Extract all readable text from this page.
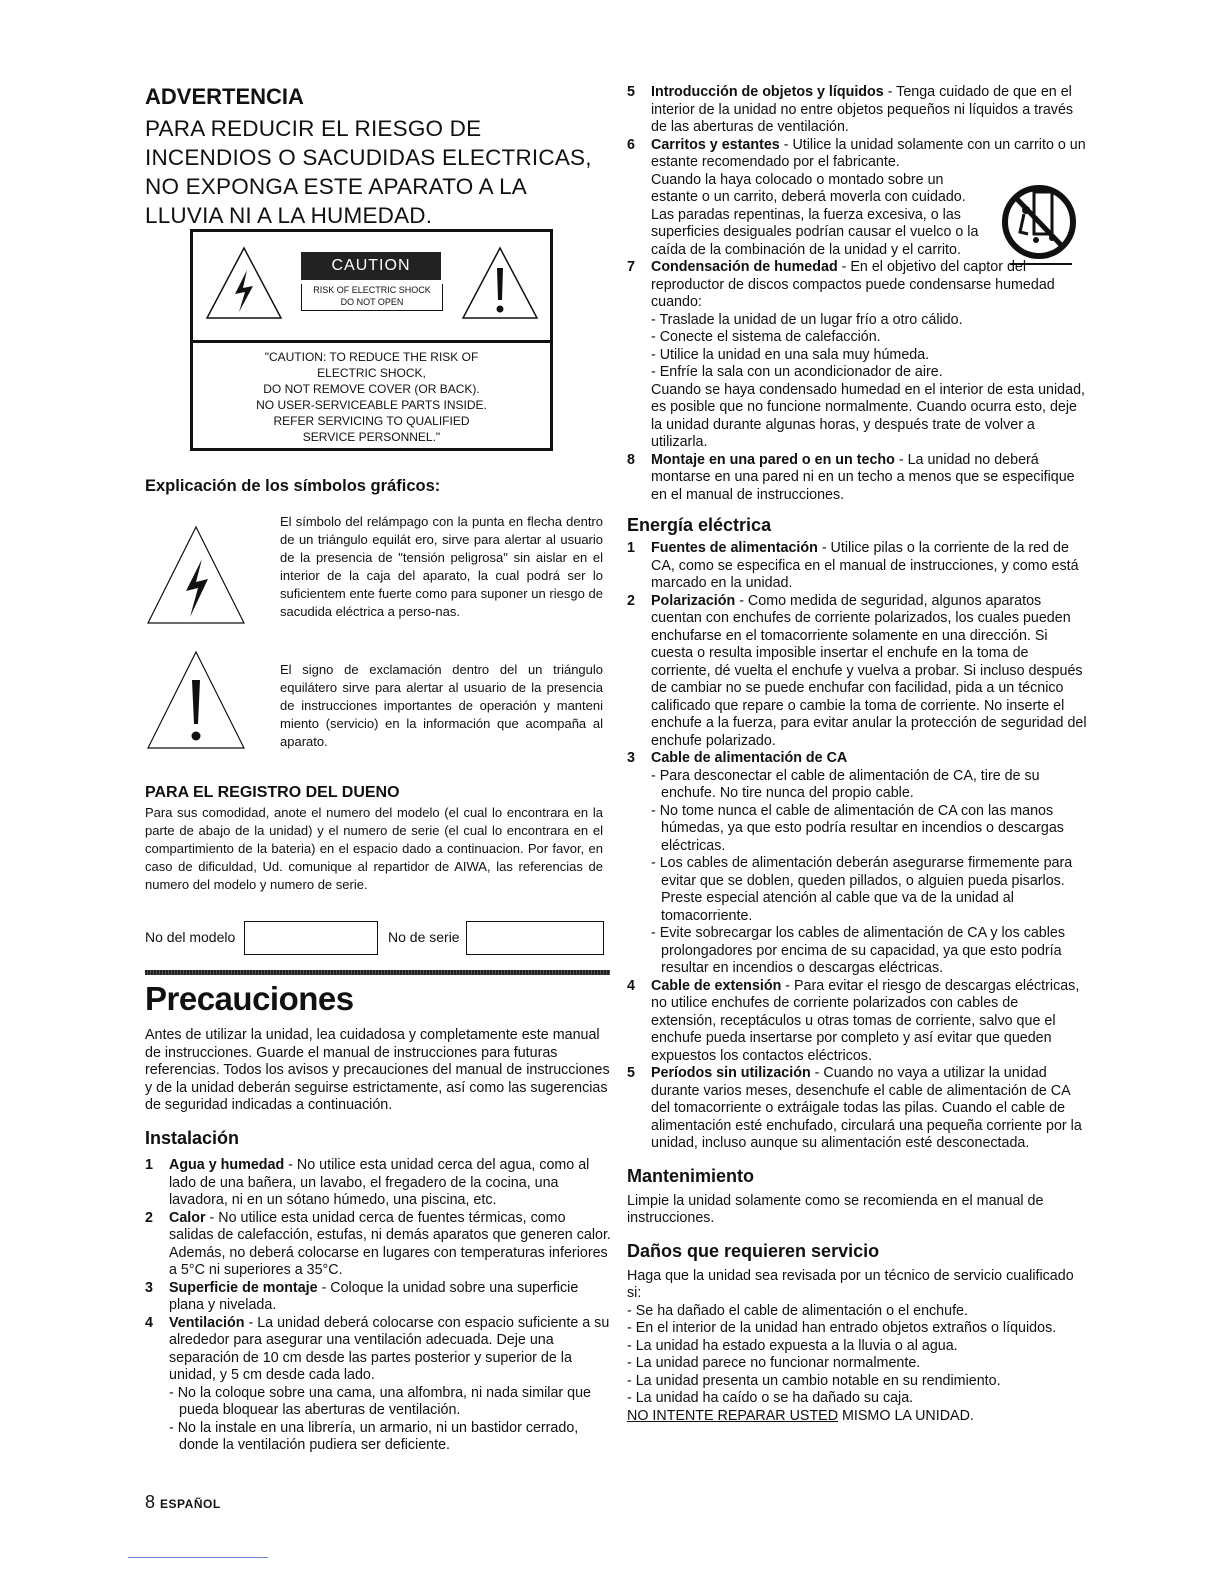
ADVERTENCIA
PARA REDUCIR EL RIESGO DE
INCENDIOS O SACUDIDAS ELECTRICAS,
NO EXPONGA ESTE APARATO A LA
LLUVIA NI A LA HUMEDAD.
CAUTION
RISK OF ELECTRIC SHOCK
DO NOT OPEN
"CAUTION: TO REDUCE THE RISK OF
ELECTRIC SHOCK,
DO NOT REMOVE COVER (OR BACK).
NO USER-SERVICEABLE PARTS INSIDE.
REFER SERVICING TO QUALIFIED
SERVICE PERSONNEL."
Explicación de los símbolos gráficos:
El símbolo del relámpago con la punta en flecha dentro de un triángulo equilát ero, sirve para alertar al usuario de la presencia de "tensión peligrosa" sin aislar en el interior de la caja del aparato, la cual podrá ser lo suficientem ente fuerte como para suponer un riesgo de sacudida eléctrica a perso-nas.
El signo de exclamación dentro del un triángulo equilátero sirve para alertar al usuario de la presencia de instrucciones importantes de operación y manteni miento (servicio) en la información que acompaña al aparato.
PARA EL REGISTRO DEL DUENO
Para sus comodidad, anote el numero del modelo (el cual lo encontrara en la parte de abajo de la unidad) y el numero de serie (el cual lo encontrara en el compartimiento de la bateria) en el espacio dado a continuacion. Por favor, en caso de dificuldad, Ud. comunique al repartidor de AIWA, las referencias de numero del modelo y numero de serie.
No del modelo	No de serie
Precauciones
Antes de utilizar la unidad, lea cuidadosa y completamente este manual de instrucciones. Guarde el manual de instrucciones para futuras referencias. Todos los avisos y precauciones del manual de instrucciones y de la unidad deberán seguirse estrictamente, así como las sugerencias de seguridad indicadas a continuación.
Instalación
1 Agua y humedad - No utilice esta unidad cerca del agua, como al lado de una bañera, un lavabo, el fregadero de la cocina, una lavadora, ni en un sótano húmedo, una piscina, etc.
2 Calor - No utilice esta unidad cerca de fuentes térmicas, como salidas de calefacción, estufas, ni demás aparatos que generen calor.
Además, no deberá colocarse en lugares con temperaturas inferiores a 5°C ni superiores a 35°C.
3 Superficie de montaje - Coloque la unidad sobre una superficie plana y nivelada.
4 Ventilación - La unidad deberá colocarse con espacio suficiente a su alrededor para asegurar una ventilación adecuada. Deje una separación de 10 cm desde las partes posterior y superior de la unidad, y 5 cm desde cada lado.
- No la coloque sobre una cama, una alfombra, ni nada similar que pueda bloquear las aberturas de ventilación.
- No la instale en una librería, un armario, ni un bastidor cerrado, donde la ventilación pudiera ser deficiente.
8 ESPAÑOL
5 Introducción de objetos y líquidos - Tenga cuidado de que en el interior de la unidad no entre objetos pequeños ni líquidos a través de las aberturas de ventilación.
6 Carritos y estantes - Utilice la unidad solamente con un carrito o un estante recomendado por el fabricante.
Cuando la haya colocado o montado sobre un estante o un carrito, deberá moverla con cuidado.
Las paradas repentinas, la fuerza excesiva, o las superficies desiguales podrían causar el vuelco o la caída de la combinación de la unidad y el carrito.
7 Condensación de humedad - En el objetivo del captor del reproductor de discos compactos puede condensarse humedad cuando:
- Traslade la unidad de un lugar frío a otro cálido.
- Conecte el sistema de calefacción.
- Utilice la unidad en una sala muy húmeda.
- Enfríe la sala con un acondicionador de aire.
Cuando se haya condensado humedad en el interior de esta unidad, es posible que no funcione normalmente. Cuando ocurra esto, deje la unidad durante algunas horas, y después trate de volver a utilizarla.
8 Montaje en una pared o en un techo - La unidad no deberá montarse en una pared ni en un techo a menos que se especifique en el manual de instrucciones.
Energía eléctrica
1 Fuentes de alimentación - Utilice pilas o la corriente de la red de CA, como se especifica en el manual de instrucciones, y como está marcado en la unidad.
2 Polarización - Como medida de seguridad, algunos aparatos cuentan con enchufes de corriente polarizados, los cuales pueden enchufarse en el tomacorriente solamente en una dirección. Si cuesta o resulta imposible insertar el enchufe en la toma de corriente, dé vuelta el enchufe y vuelva a probar. Si incluso después de cambiar no se puede enchufar con facilidad, pida a un técnico calificado que repare o cambie la toma de corriente. No inserte el enchufe a la fuerza, para evitar anular la protección de seguridad del enchufe polarizado.
3 Cable de alimentación de CA
- Para desconectar el cable de alimentación de CA, tire de su enchufe. No tire nunca del propio cable.
- No tome nunca el cable de alimentación de CA con las manos húmedas, ya que esto podría resultar en incendios o descargas eléctricas.
- Los cables de alimentación deberán asegurarse firmemente para evitar que se doblen, queden pillados, o alguien pueda pisarlos. Preste especial atención al cable que va de la unidad al tomacorriente.
- Evite sobrecargar los cables de alimentación de CA y los cables prolongadores por encima de su capacidad, ya que esto podría resultar en incendios o descargas eléctricas.
4 Cable de extensión - Para evitar el riesgo de descargas eléctricas, no utilice enchufes de corriente polarizados con cables de extensión, receptáculos u otras tomas de corriente, salvo que el enchufe pueda insertarse por completo y así evitar que queden expuestos los contactos eléctricos.
5 Períodos sin utilización - Cuando no vaya a utilizar la unidad durante varios meses, desenchufe el cable de alimentación de CA del tomacorriente o extráigale todas las pilas. Cuando el cable de alimentación esté enchufado, circulará una pequeña corriente por la unidad, incluso aunque su alimentación esté desconectada.
Mantenimiento
Limpie la unidad solamente como se recomienda en el manual de instrucciones.
Daños que requieren servicio
Haga que la unidad sea revisada por un técnico de servicio cualificado si:
- Se ha dañado el cable de alimentación o el enchufe.
- En el interior de la unidad han entrado objetos extraños o líquidos.
- La unidad ha estado expuesta a la lluvia o al agua.
- La unidad parece no funcionar normalmente.
- La unidad presenta un cambio notable en su rendimiento.
- La unidad ha caído o se ha dañado su caja.
NO INTENTE REPARAR USTED MISMO LA UNIDAD.
